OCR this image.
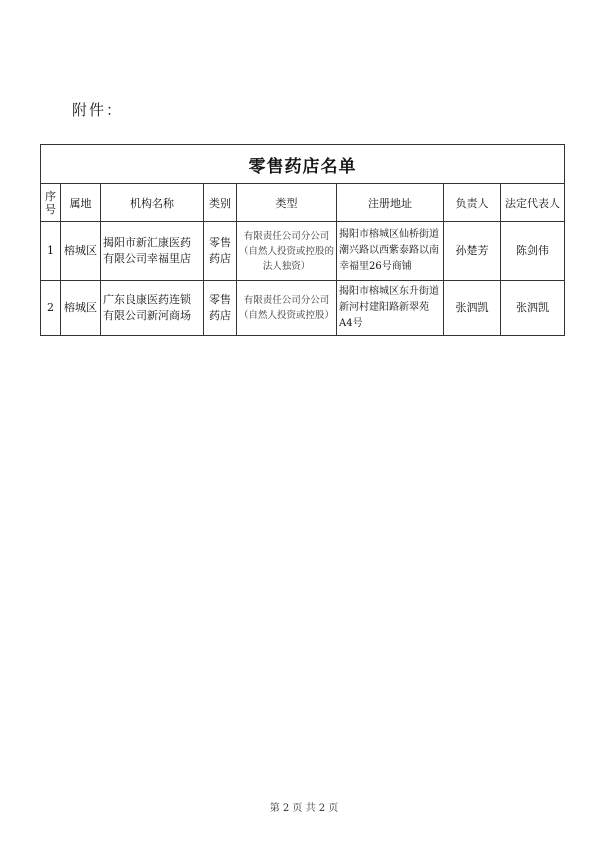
附件：
零售药店名单							
序号	属地	机构名称	类别	类型	注册地址	负责人	法定代表人
1	榕城区	揭阳市新汇康医药有限公司幸福里店	零售药店	有限责任公司分公司（自然人投资或控股的法人独资）	揭阳市榕城区仙桥街道潮兴路以西紫泰路以南幸福里26号商铺	孙楚芳	陈剑伟
2	榕城区	广东良康医药连锁有限公司新河商场	零售药店	有限责任公司分公司（自然人投资或控股）	揭阳市榕城区东升街道新河村建阳路新翠苑A4号	张泗凯	张泗凯
第 2 页 共 2 页
